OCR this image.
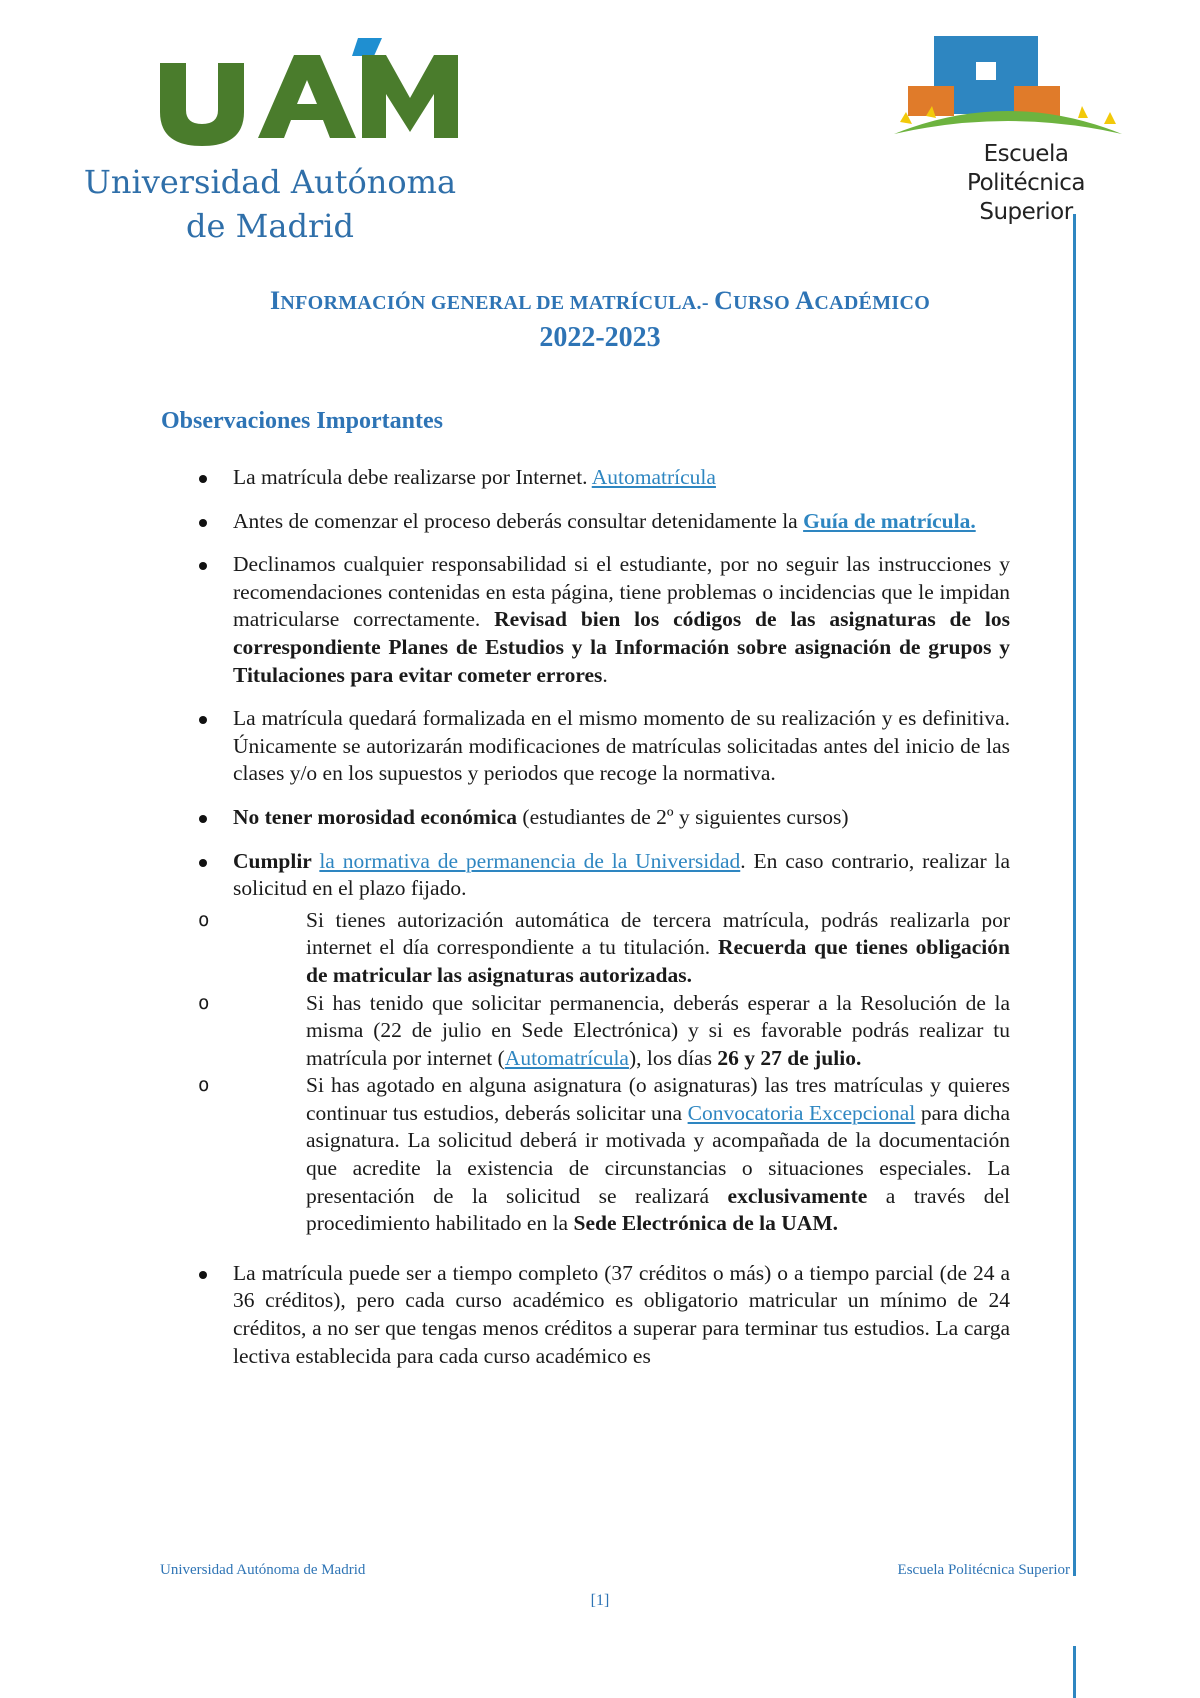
Universidad Autónoma
de Madrid
Escuela
Politécnica
Superior
INFORMACIÓN GENERAL DE MATRÍCULA.- CURSO ACADÉMICO
2022-2023
Observaciones Importantes
La matrícula debe realizarse por Internet. Automatrícula
Antes de comenzar el proceso deberás consultar detenidamente la Guía de matrícula.
Declinamos cualquier responsabilidad si el estudiante, por no seguir las instrucciones y recomendaciones contenidas en esta página, tiene problemas o incidencias que le impidan matricularse correctamente. Revisad bien los códigos de las asignaturas de los correspondiente Planes de Estudios y la Información sobre asignación de grupos y Titulaciones para evitar cometer errores.
La matrícula quedará formalizada en el mismo momento de su realización y es definitiva. Únicamente se autorizarán modificaciones de matrículas solicitadas antes del inicio de las clases y/o en los supuestos y periodos que recoge la normativa.
No tener morosidad económica (estudiantes de 2º y siguientes cursos)
Cumplir la normativa de permanencia de la Universidad. En caso contrario, realizar la solicitud en el plazo fijado.
o Si tienes autorización automática de tercera matrícula, podrás realizarla por internet el día correspondiente a tu titulación. Recuerda que tienes obligación de matricular las asignaturas autorizadas.
o Si has tenido que solicitar permanencia, deberás esperar a la Resolución de la misma (22 de julio en Sede Electrónica) y si es favorable podrás realizar tu matrícula por internet (Automatrícula), los días 26 y 27 de julio.
o Si has agotado en alguna asignatura (o asignaturas) las tres matrículas y quieres continuar tus estudios, deberás solicitar una Convocatoria Excepcional para dicha asignatura. La solicitud deberá ir motivada y acompañada de la documentación que acredite la existencia de circunstancias o situaciones especiales. La presentación de la solicitud se realizará exclusivamente a través del procedimiento habilitado en la Sede Electrónica de la UAM.
La matrícula puede ser a tiempo completo (37 créditos o más) o a tiempo parcial (de 24 a 36 créditos), pero cada curso académico es obligatorio matricular un mínimo de 24 créditos, a no ser que tengas menos créditos a superar para terminar tus estudios. La carga lectiva establecida para cada curso académico es
Universidad Autónoma de Madrid	Escuela Politécnica Superior
[1]
